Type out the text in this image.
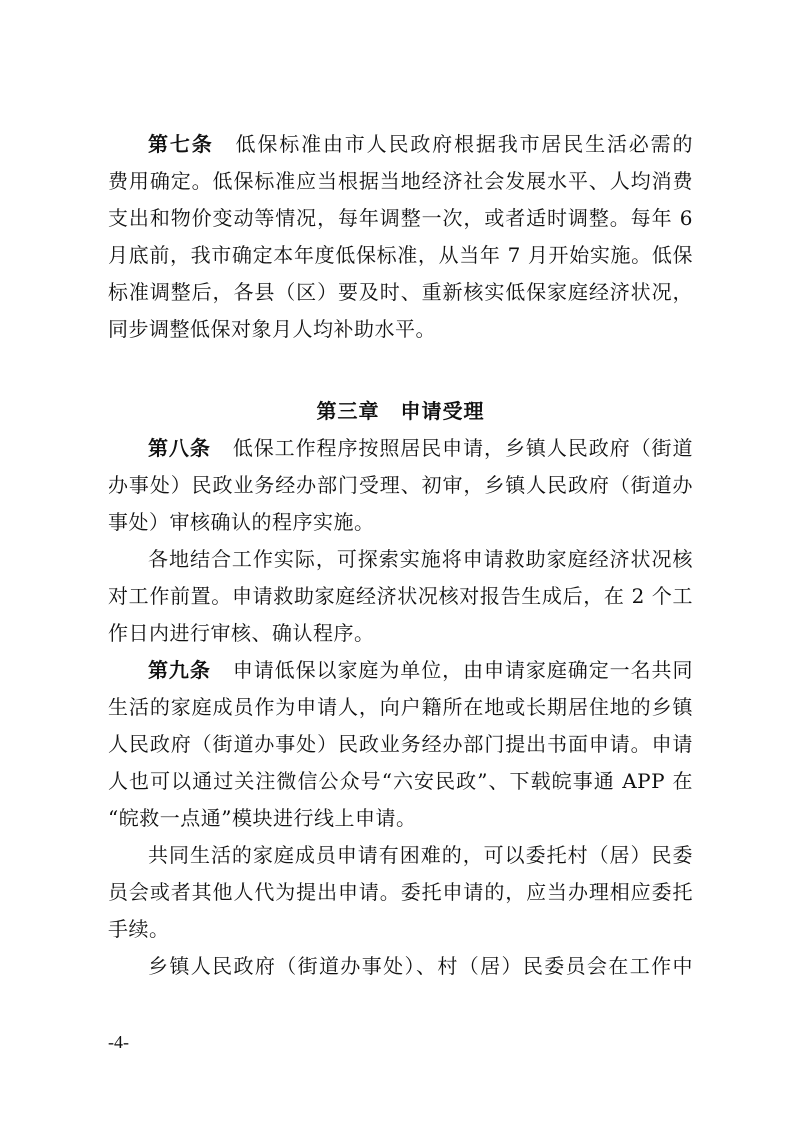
第七条 低保标准由市人民政府根据我市居民生活必需的
费用确定。低保标准应当根据当地经济社会发展水平、人均消费
支出和物价变动等情况，每年调整一次，或者适时调整。每年 6
月底前，我市确定本年度低保标准，从当年 7 月开始实施。低保
标准调整后，各县（区）要及时、重新核实低保家庭经济状况，
同步调整低保对象月人均补助水平。
第三章　申请受理
第八条 低保工作程序按照居民申请，乡镇人民政府（街道
办事处）民政业务经办部门受理、初审，乡镇人民政府（街道办
事处）审核确认的程序实施。
各地结合工作实际，可探索实施将申请救助家庭经济状况核
对工作前置。申请救助家庭经济状况核对报告生成后，在 2 个工
作日内进行审核、确认程序。
第九条 申请低保以家庭为单位，由申请家庭确定一名共同
生活的家庭成员作为申请人，向户籍所在地或长期居住地的乡镇
人民政府（街道办事处）民政业务经办部门提出书面申请。申请
人也可以通过关注微信公众号“六安民政”、下载皖事通 APP 在
“皖救一点通”模块进行线上申请。
共同生活的家庭成员申请有困难的，可以委托村（居）民委
员会或者其他人代为提出申请。委托申请的，应当办理相应委托
手续。
乡镇人民政府（街道办事处）、村（居）民委员会在工作中
-4-
